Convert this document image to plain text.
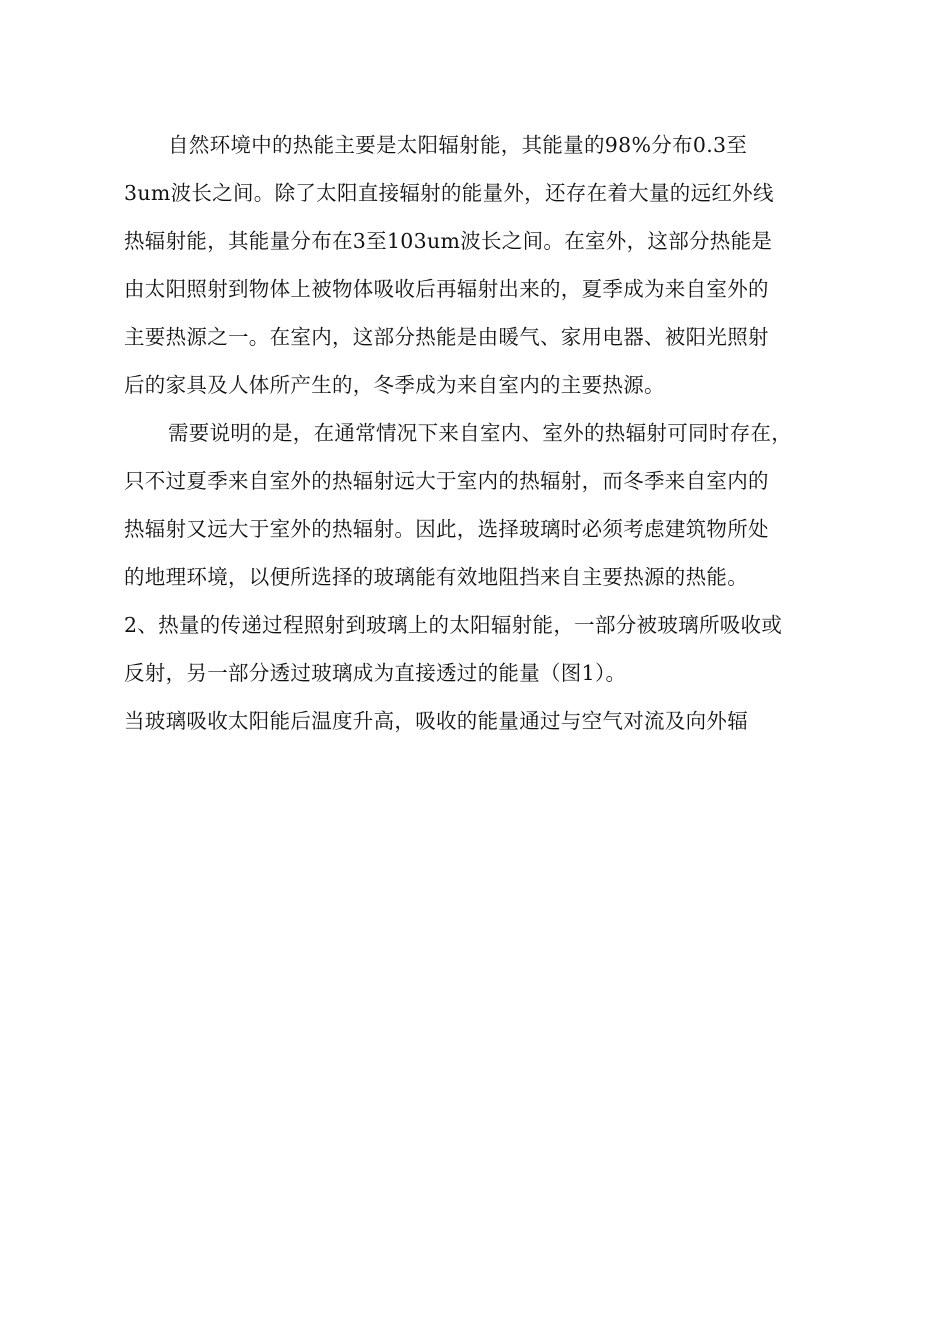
自然环境中的热能主要是太阳辐射能，其能量的98%分布0.3至
3um波长之间。除了太阳直接辐射的能量外，还存在着大量的远红外线
热辐射能，其能量分布在3至103um波长之间。在室外，这部分热能是
由太阳照射到物体上被物体吸收后再辐射出来的，夏季成为来自室外的
主要热源之一。在室内，这部分热能是由暖气、家用电器、被阳光照射
后的家具及人体所产生的，冬季成为来自室内的主要热源。
需要说明的是，在通常情况下来自室内、室外的热辐射可同时存在，
只不过夏季来自室外的热辐射远大于室内的热辐射，而冬季来自室内的
热辐射又远大于室外的热辐射。因此，选择玻璃时必须考虑建筑物所处
的地理环境，以便所选择的玻璃能有效地阻挡来自主要热源的热能。
2、热量的传递过程照射到玻璃上的太阳辐射能，一部分被玻璃所吸收或
反射，另一部分透过玻璃成为直接透过的能量（图1）。
当玻璃吸收太阳能后温度升高，吸收的能量通过与空气对流及向外辐
